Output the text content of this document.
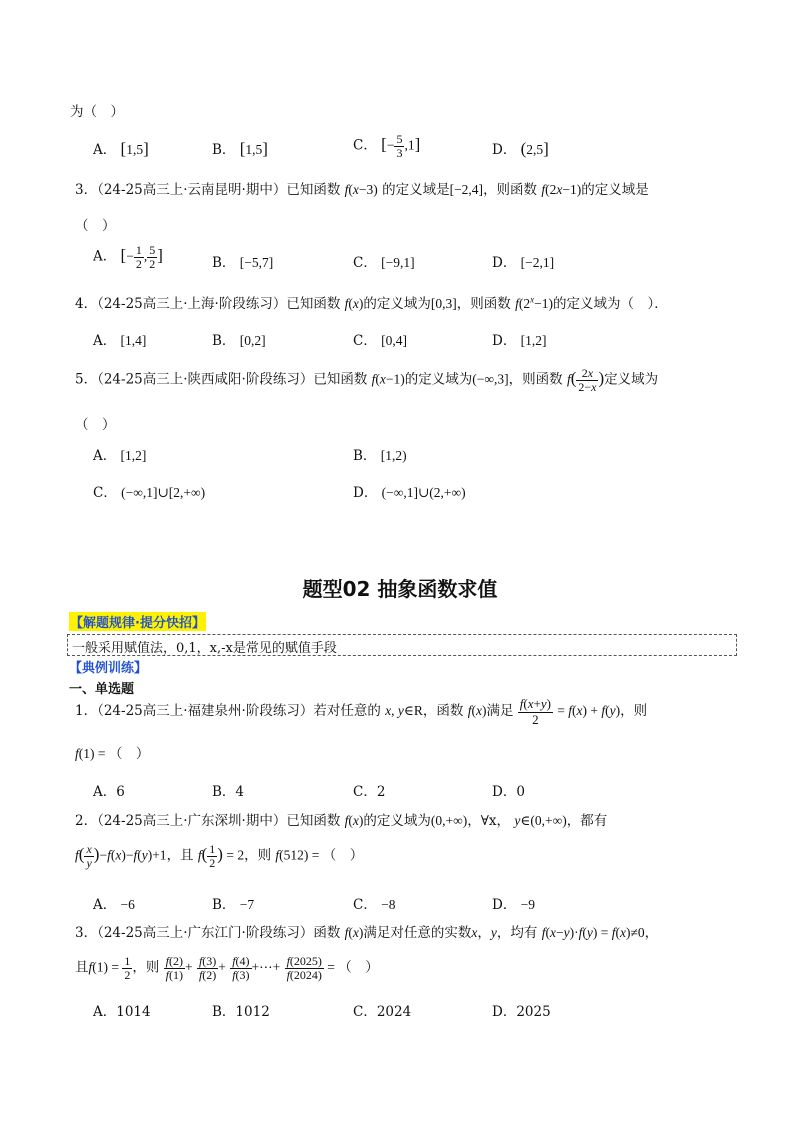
为（　）
A． [1,5]	B． [1,5]	C． [− $\frac{5}{3} ,1$]	D． (2,5]
3．（24-25高三上·云南昆明·期中）已知函数 f(x−3) 的定义域是[−2,4]，则函数 f(2x−1)的定义域是
（　）
A． [− $\frac{1}{2}$ , $\frac{5}{2}$ ]	B． [−5,7]	C． [−9,1]	D． [−2,1]
4．（24-25高三上·上海·阶段练习）已知函数 f(x)的定义域为[0,3]，则函数 $f(2^x-1)$的定义域为（　）．
A． [1,4]	B． [0,2]	C． [0,4]	D． [1,2]
5．（24-25高三上·陕西咸阳·阶段练习）已知函数 f(x−1)的定义域为(−∞,3]，则函数 $f( \frac{2x}{2-x}$ )定义域为
（　）
A． [1,2]	B． [1,2)
C． (−∞,1]∪[2,+∞)	D． (−∞,1]∪(2,+∞)
题型02 抽象函数求值
【解题规律·提分快招】
一般采用赋值法，0,1，x,-x是常见的赋值手段
【典例训练】
一、单选题
1．（24-25高三上·福建泉州·阶段练习）若对任意的 x, y∈R，函数 f(x)满足 $\frac{f(x+y)}{2} = f(x) + f(y)$，则
f(1) = （　）
A．6	B．4	C．2	D．0
2．（24-25高三上·广东深圳·期中）已知函数 f(x)的定义域为(0,+∞)，∀x， y∈(0,+∞)，都有
$f( \frac{x}{y} )-f(x)-f(y)+1$，且 $f( \frac{1}{2}$ ) = 2，则 f(512) = （　）
A． −6	B． −7	C． −8	D． −9
3．（24-25高三上·广东江门·阶段练习）函数 f(x)满足对任意的实数x，y，均有 f(x−y)·f(y) = f(x)≠0，
且$f(1) = \frac{1}{2}$ ，则 $\frac{f(2)}{f(1)} + \frac{f(3)}{f(2)} + \frac{f(4)}{f(3)}$ +⋯+ $\frac{f(2025)}{f(2024)}$ = （　）
A．1014	B．1012	C．2024	D．2025
